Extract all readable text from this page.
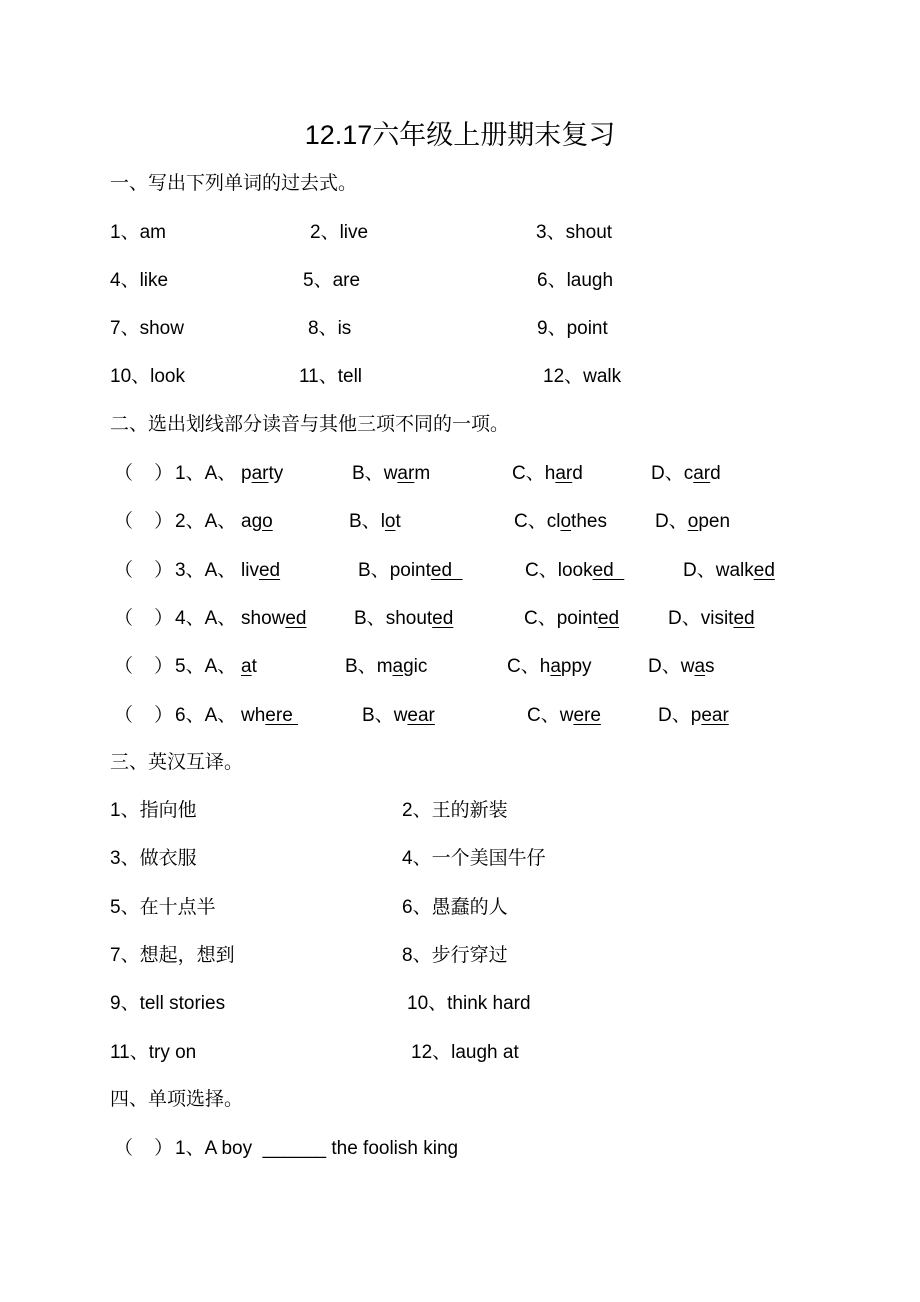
12.17六年级上册期末复习
一、写出下列单词的过去式。
二、选出划线部分读音与其他三项不同的一项。
三、英汉互译。
四、单项选择。
（    ） 1、A boy  ______ the foolish king
1、am	2、live	3、shout
4、like	5、are	6、laugh
7、show	8、is	9、point
10、look	11、tell	12、walk
（    ） 1、A、 party	B、warm	C、hard	D、card
（    ） 2、A、 ago	B、lot	C、clothes	D、open
（    ） 3、A、 lived	B、pointed	C、looked	D、walked
（    ） 4、A、 showed	B、shouted	C、pointed	D、visited
（    ） 5、A、 at	B、magic	C、happy	D、was
（    ） 6、A、 where	B、wear	C、were	D、pear
1、指向他	2、王的新装
3、做衣服	4、一个美国牛仔
5、在十点半	6、愚蠢的人
7、想起，想到	8、步行穿过
9、tell stories	10、think hard
11、try on	12、laugh at
